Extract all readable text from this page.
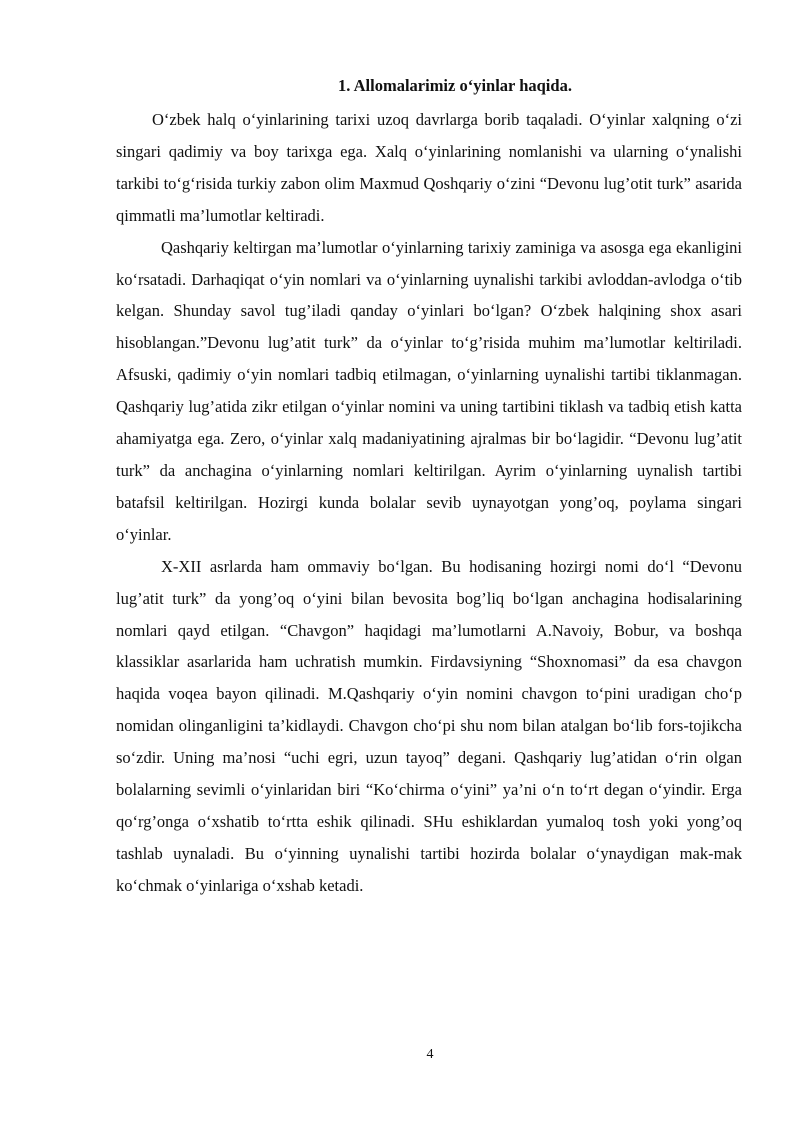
1. Allomalarimiz o‘yinlar haqida.

O‘zbek halq o‘yinlarining tarixi uzoq davrlarga borib taqaladi. O‘yinlar xalqning o‘zi singari qadimiy va boy tarixga ega. Xalq o‘yinlarining nomlanishi va ularning o‘ynalishi tarkibi to‘g‘risida turkiy zabon olim Maxmud Qoshqariy o‘zini “Devonu lug’otit turk” asarida qimmatli ma’lumotlar keltiradi.

Qashqariy keltirgan ma’lumotlar o‘yinlarning tarixiy zaminiga va asosga ega ekanligini ko‘rsatadi. Darhaqiqat o‘yin nomlari va o‘yinlarning uynalishi tarkibi avloddan-avlodga o‘tib kelgan. Shunday savol tug’iladi qanday o‘yinlari bo‘lgan? O‘zbek halqining shox asari hisoblangan.”Devonu lug’atit turk” da o‘yinlar to‘g’risida muhim ma’lumotlar keltiriladi. Afsuski, qadimiy o‘yin nomlari tadbiq etilmagan, o‘yinlarning uynalishi tartibi tiklanmagan. Qashqariy lug’atida zikr etilgan o‘yinlar nomini va uning tartibini tiklash va tadbiq etish katta ahamiyatga ega. Zero, o‘yinlar xalq madaniyatining ajralmas bir bo‘lagidir. “Devonu lug’atit turk” da anchagina o‘yinlarning nomlari keltirilgan. Ayrim o‘yinlarning uynalish tartibi batafsil keltirilgan. Hozirgi kunda bolalar sevib uynayotgan yong’oq, poylama singari o‘yinlar.

X-XII asrlarda ham ommaviy bo‘lgan. Bu hodisaning hozirgi nomi do‘l “Devonu lug’atit turk” da yong’oq o‘yini bilan bevosita bog’liq bo‘lgan anchagina hodisalarining nomlari qayd etilgan. “Chavgon” haqidagi ma’lumotlarni A.Navoiy, Bobur, va boshqa klassiklar asarlarida ham uchratish mumkin. Firdavsiyning “Shoxnomasi” da esa chavgon haqida voqea bayon qilinadi. M.Qashqariy o‘yin nomini chavgon to‘pini uradigan cho‘p nomidan olinganligini ta’kidlaydi. Chavgon cho‘pi shu nom bilan atalgan bo‘lib fors-tojikcha so‘zdir. Uning ma’nosi “uchi egri, uzun tayoq” degani. Qashqariy lug’atidan o‘rin olgan bolalarning sevimli o‘yinlaridan biri “Ko‘chirma o‘yini” ya’ni o‘n to‘rt degan o‘yindir. Erga qo‘rg’onga o‘xshatib to‘rtta eshik qilinadi. SHu eshiklardan yumaloq tosh yoki yong’oq tashlab uynaladi. Bu o‘yinning uynalishi tartibi hozirda bolalar o‘ynaydigan mak-mak ko‘chmak o‘yinlariga o‘xshab ketadi.

4
